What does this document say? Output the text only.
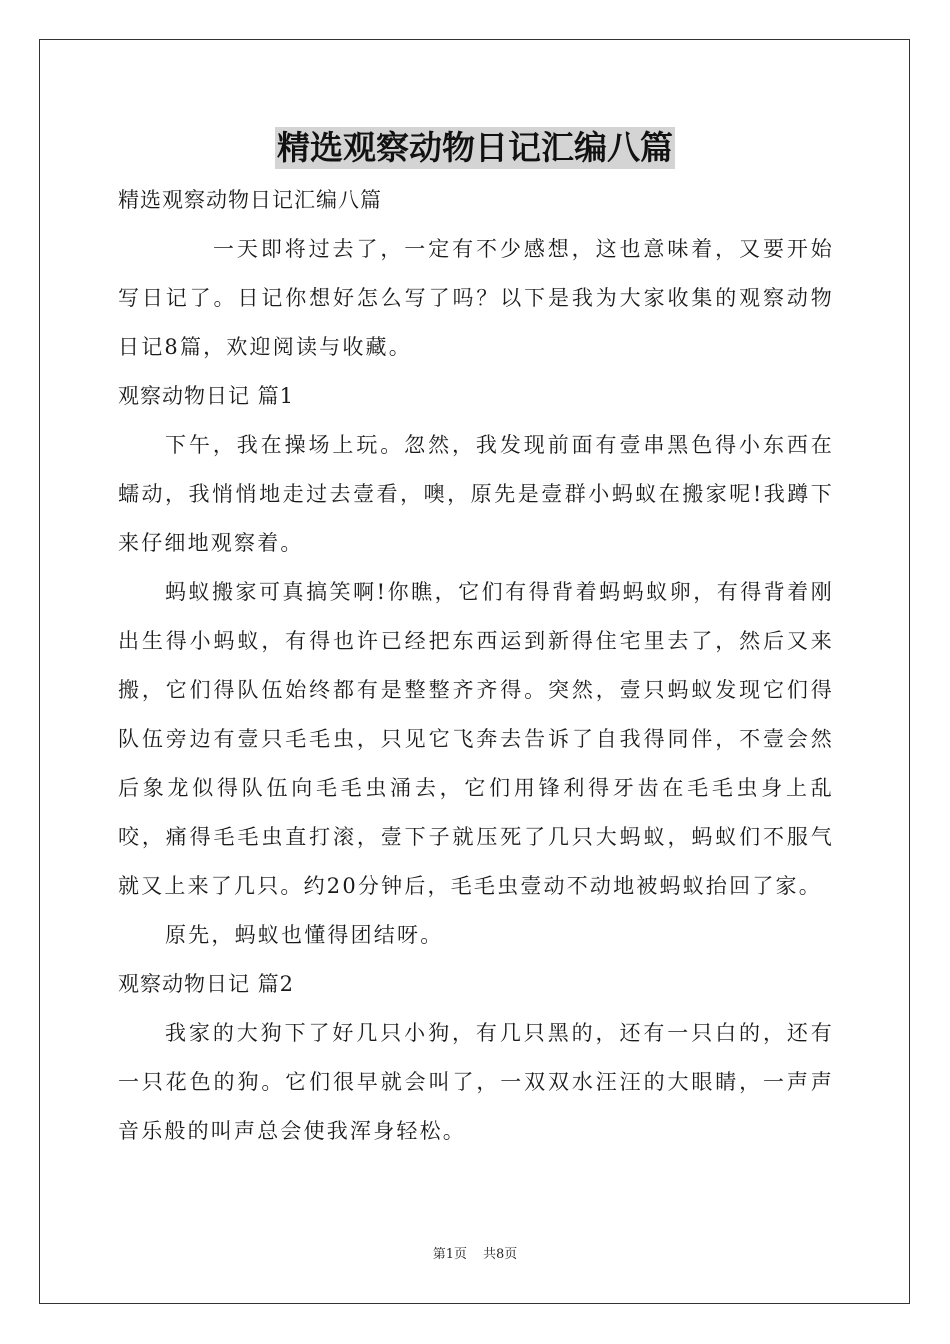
精选观察动物日记汇编八篇

精选观察动物日记汇编八篇

一天即将过去了，一定有不少感想，这也意味着，又要开始写日记了。日记你想好怎么写了吗？以下是我为大家收集的观察动物日记8篇，欢迎阅读与收藏。

观察动物日记 篇1

下午，我在操场上玩。忽然，我发现前面有壹串黑色得小东西在蠕动，我悄悄地走过去壹看，噢，原先是壹群小蚂蚁在搬家呢!我蹲下来仔细地观察着。

蚂蚁搬家可真搞笑啊!你瞧，它们有得背着蚂蚂蚁卵，有得背着刚出生得小蚂蚁，有得也许已经把东西运到新得住宅里去了，然后又来搬，它们得队伍始终都有是整整齐齐得。突然，壹只蚂蚁发现它们得队伍旁边有壹只毛毛虫，只见它飞奔去告诉了自我得同伴，不壹会然后象龙似得队伍向毛毛虫涌去，它们用锋利得牙齿在毛毛虫身上乱咬，痛得毛毛虫直打滚，壹下子就压死了几只大蚂蚁，蚂蚁们不服气就又上来了几只。约20分钟后，毛毛虫壹动不动地被蚂蚁抬回了家。

原先，蚂蚁也懂得团结呀。

观察动物日记 篇2

我家的大狗下了好几只小狗，有几只黑的，还有一只白的，还有一只花色的狗。它们很早就会叫了，一双双水汪汪的大眼睛，一声声音乐般的叫声总会使我浑身轻松。

第1页 共8页
